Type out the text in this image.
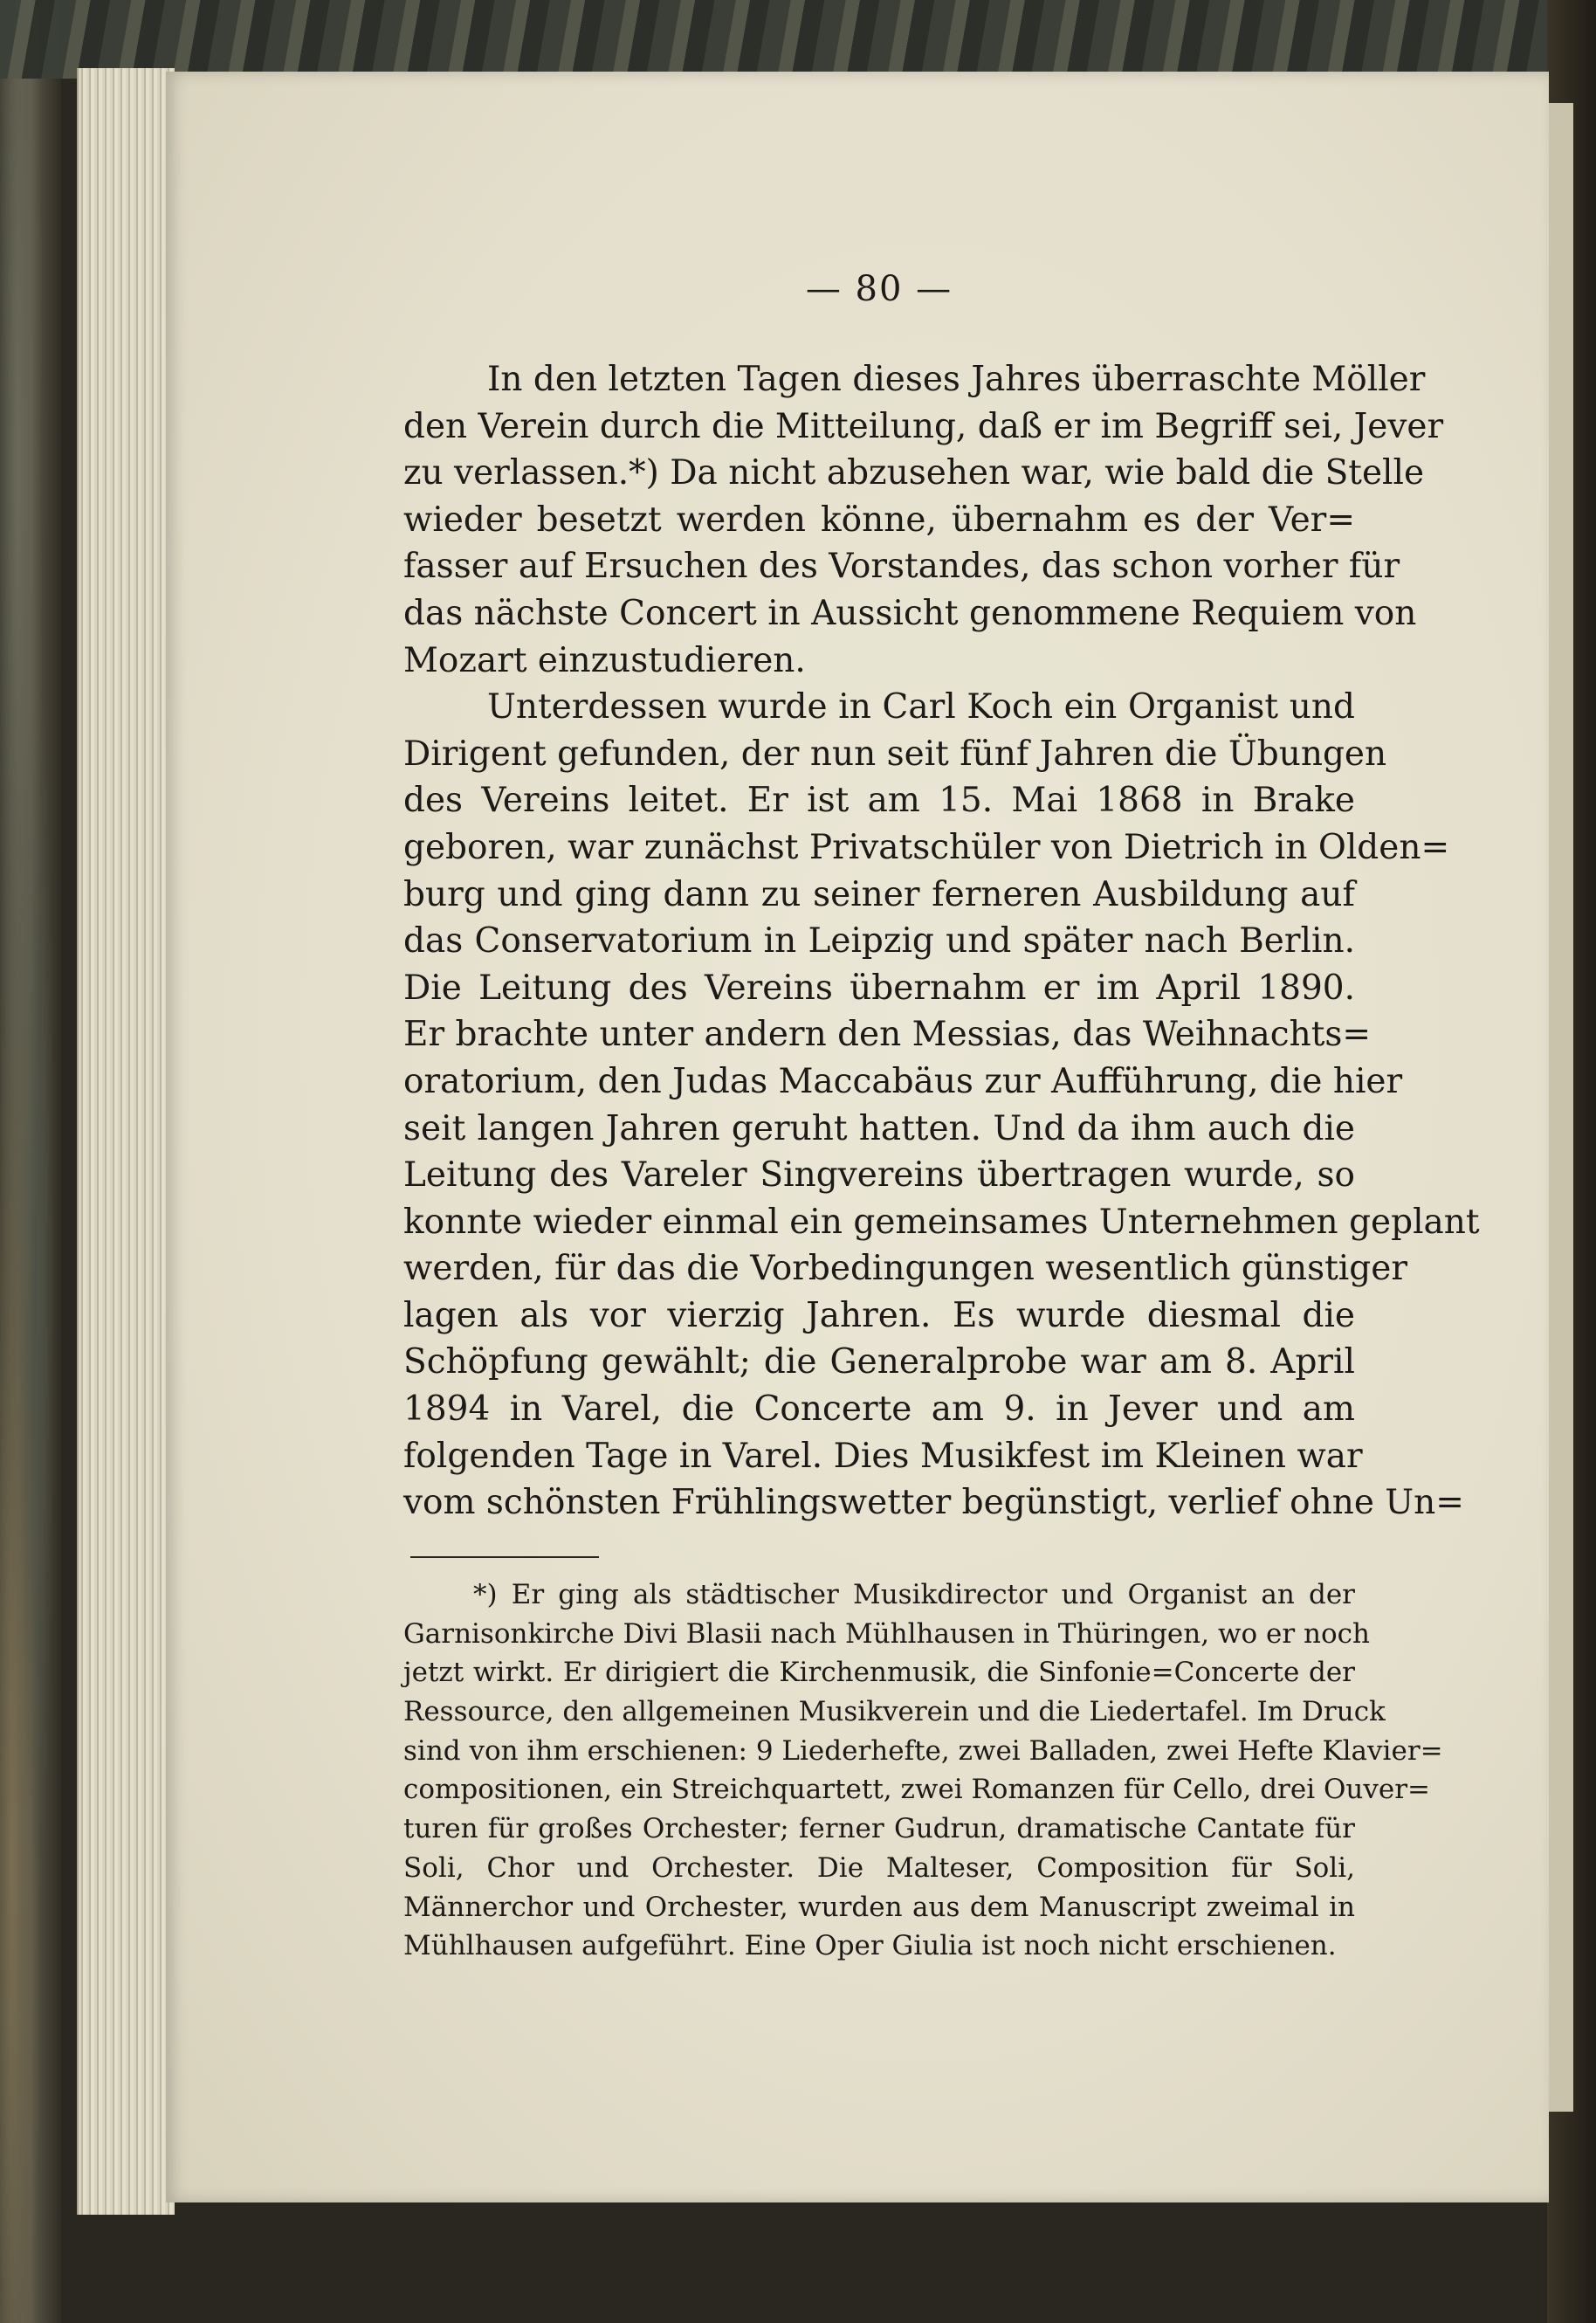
— 80 —
In den letzten Tagen dieses Jahres überraschte Möller
den Verein durch die Mitteilung, daß er im Begriff sei, Jever
zu verlassen.*) Da nicht abzusehen war, wie bald die Stelle
wieder besetzt werden könne, übernahm es der Ver=
fasser auf Ersuchen des Vorstandes, das schon vorher für
das nächste Concert in Aussicht genommene Requiem von
Mozart einzustudieren.
Unterdessen wurde in Carl Koch ein Organist und
Dirigent gefunden, der nun seit fünf Jahren die Übungen
des Vereins leitet. Er ist am 15. Mai 1868 in Brake
geboren, war zunächst Privatschüler von Dietrich in Olden=
burg und ging dann zu seiner ferneren Ausbildung auf
das Conservatorium in Leipzig und später nach Berlin.
Die Leitung des Vereins übernahm er im April 1890.
Er brachte unter andern den Messias, das Weihnachts=
oratorium, den Judas Maccabäus zur Aufführung, die hier
seit langen Jahren geruht hatten. Und da ihm auch die
Leitung des Vareler Singvereins übertragen wurde, so
konnte wieder einmal ein gemeinsames Unternehmen geplant
werden, für das die Vorbedingungen wesentlich günstiger
lagen als vor vierzig Jahren. Es wurde diesmal die
Schöpfung gewählt; die Generalprobe war am 8. April
1894 in Varel, die Concerte am 9. in Jever und am
folgenden Tage in Varel. Dies Musikfest im Kleinen war
vom schönsten Frühlingswetter begünstigt, verlief ohne Un=
*) Er ging als städtischer Musikdirector und Organist an der
Garnisonkirche Divi Blasii nach Mühlhausen in Thüringen, wo er noch
jetzt wirkt. Er dirigiert die Kirchenmusik, die Sinfonie=Concerte der
Ressource, den allgemeinen Musikverein und die Liedertafel. Im Druck
sind von ihm erschienen: 9 Liederhefte, zwei Balladen, zwei Hefte Klavier=
compositionen, ein Streichquartett, zwei Romanzen für Cello, drei Ouver=
turen für großes Orchester; ferner Gudrun, dramatische Cantate für
Soli, Chor und Orchester. Die Malteser, Composition für Soli,
Männerchor und Orchester, wurden aus dem Manuscript zweimal in
Mühlhausen aufgeführt. Eine Oper Giulia ist noch nicht erschienen.
